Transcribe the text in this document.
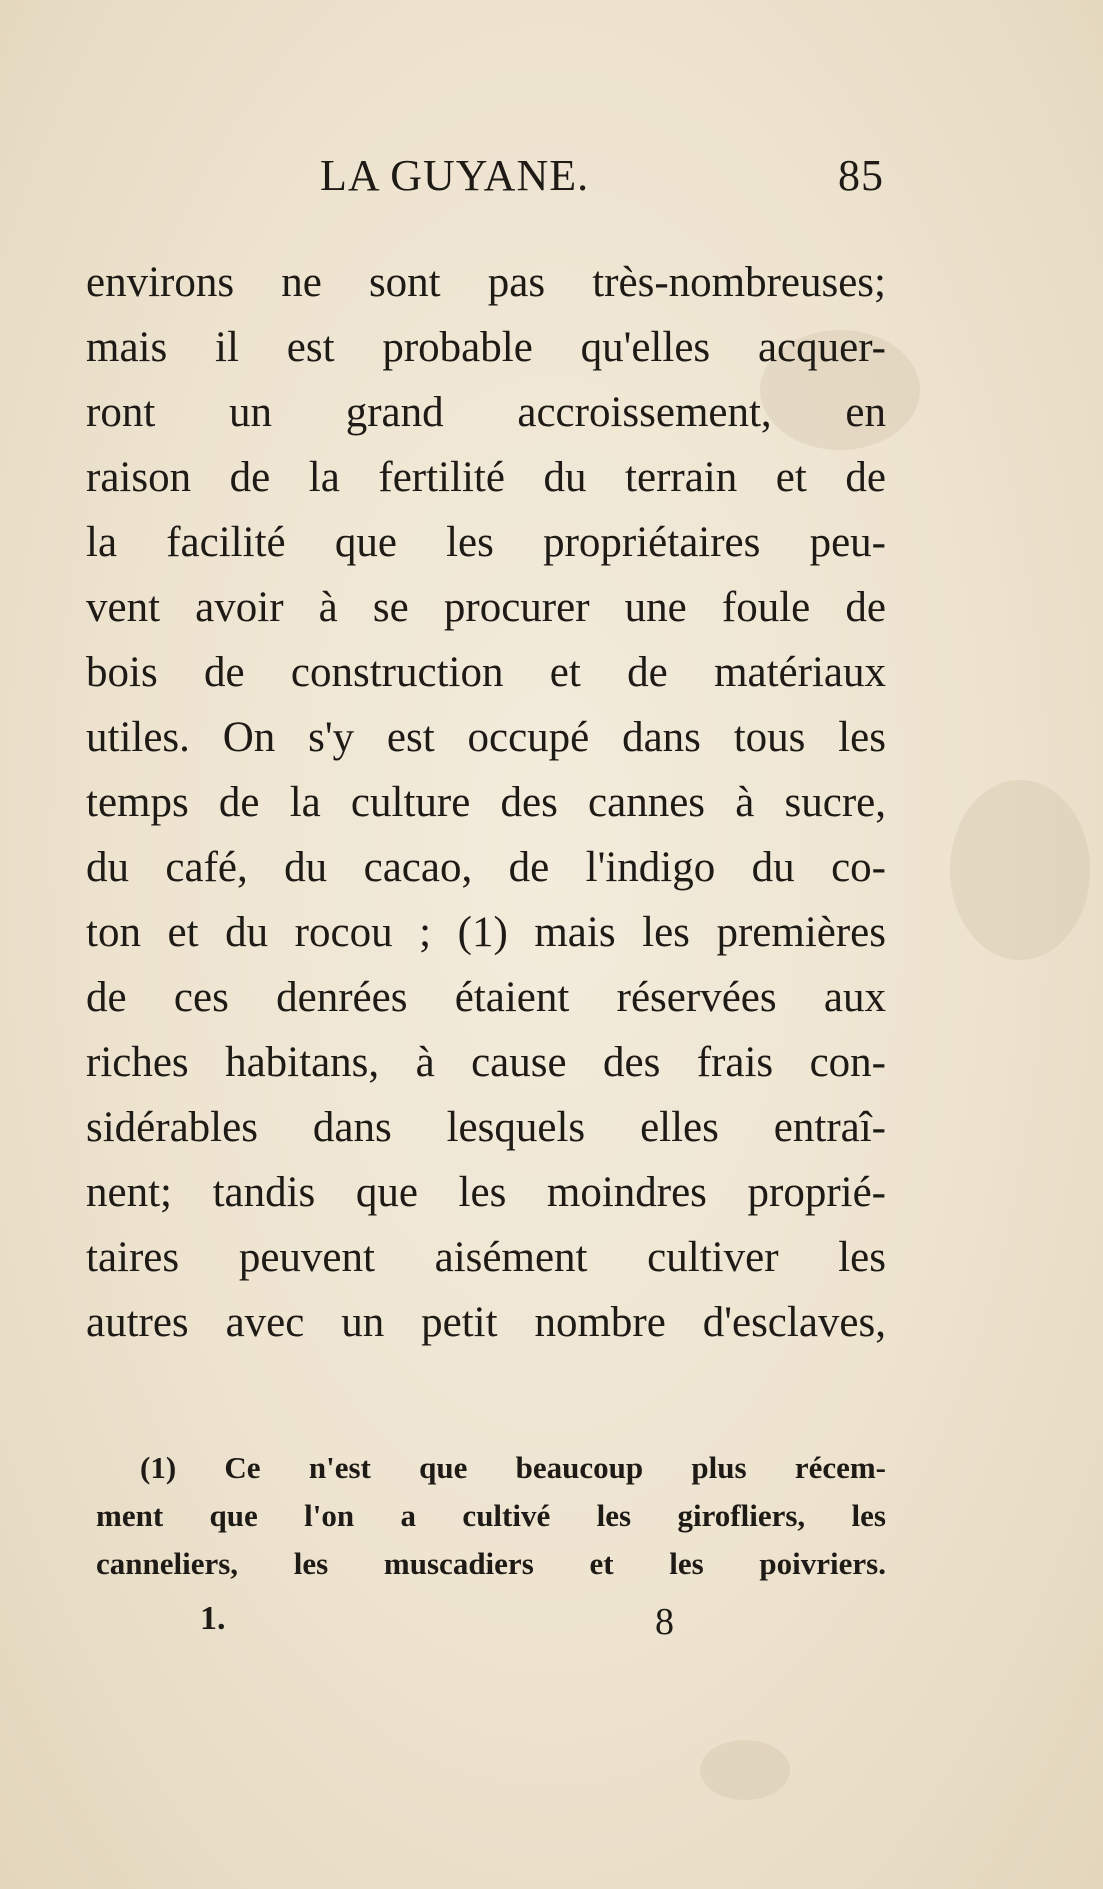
LA GUYANE.	85
environs ne sont pas très-nombreuses;
mais il est probable qu'elles acquer-
ront un grand accroissement, en
raison de la fertilité du terrain et de
la facilité que les propriétaires peu-
vent avoir à se procurer une foule de
bois de construction et de matériaux
utiles. On s'y est occupé dans tous les
temps de la culture des cannes à sucre,
du café, du cacao, de l'indigo du co-
ton et du rocou ; (1) mais les premières
de ces denrées étaient réservées aux
riches habitans, à cause des frais con-
sidérables dans lesquels elles entraî-
nent; tandis que les moindres proprié-
taires peuvent aisément cultiver les
autres avec un petit nombre d'esclaves,
(1) Ce n'est que beaucoup plus récem-
ment que l'on a cultivé les girofliers, les
canneliers, les muscadiers et les poivriers.
1.	8
